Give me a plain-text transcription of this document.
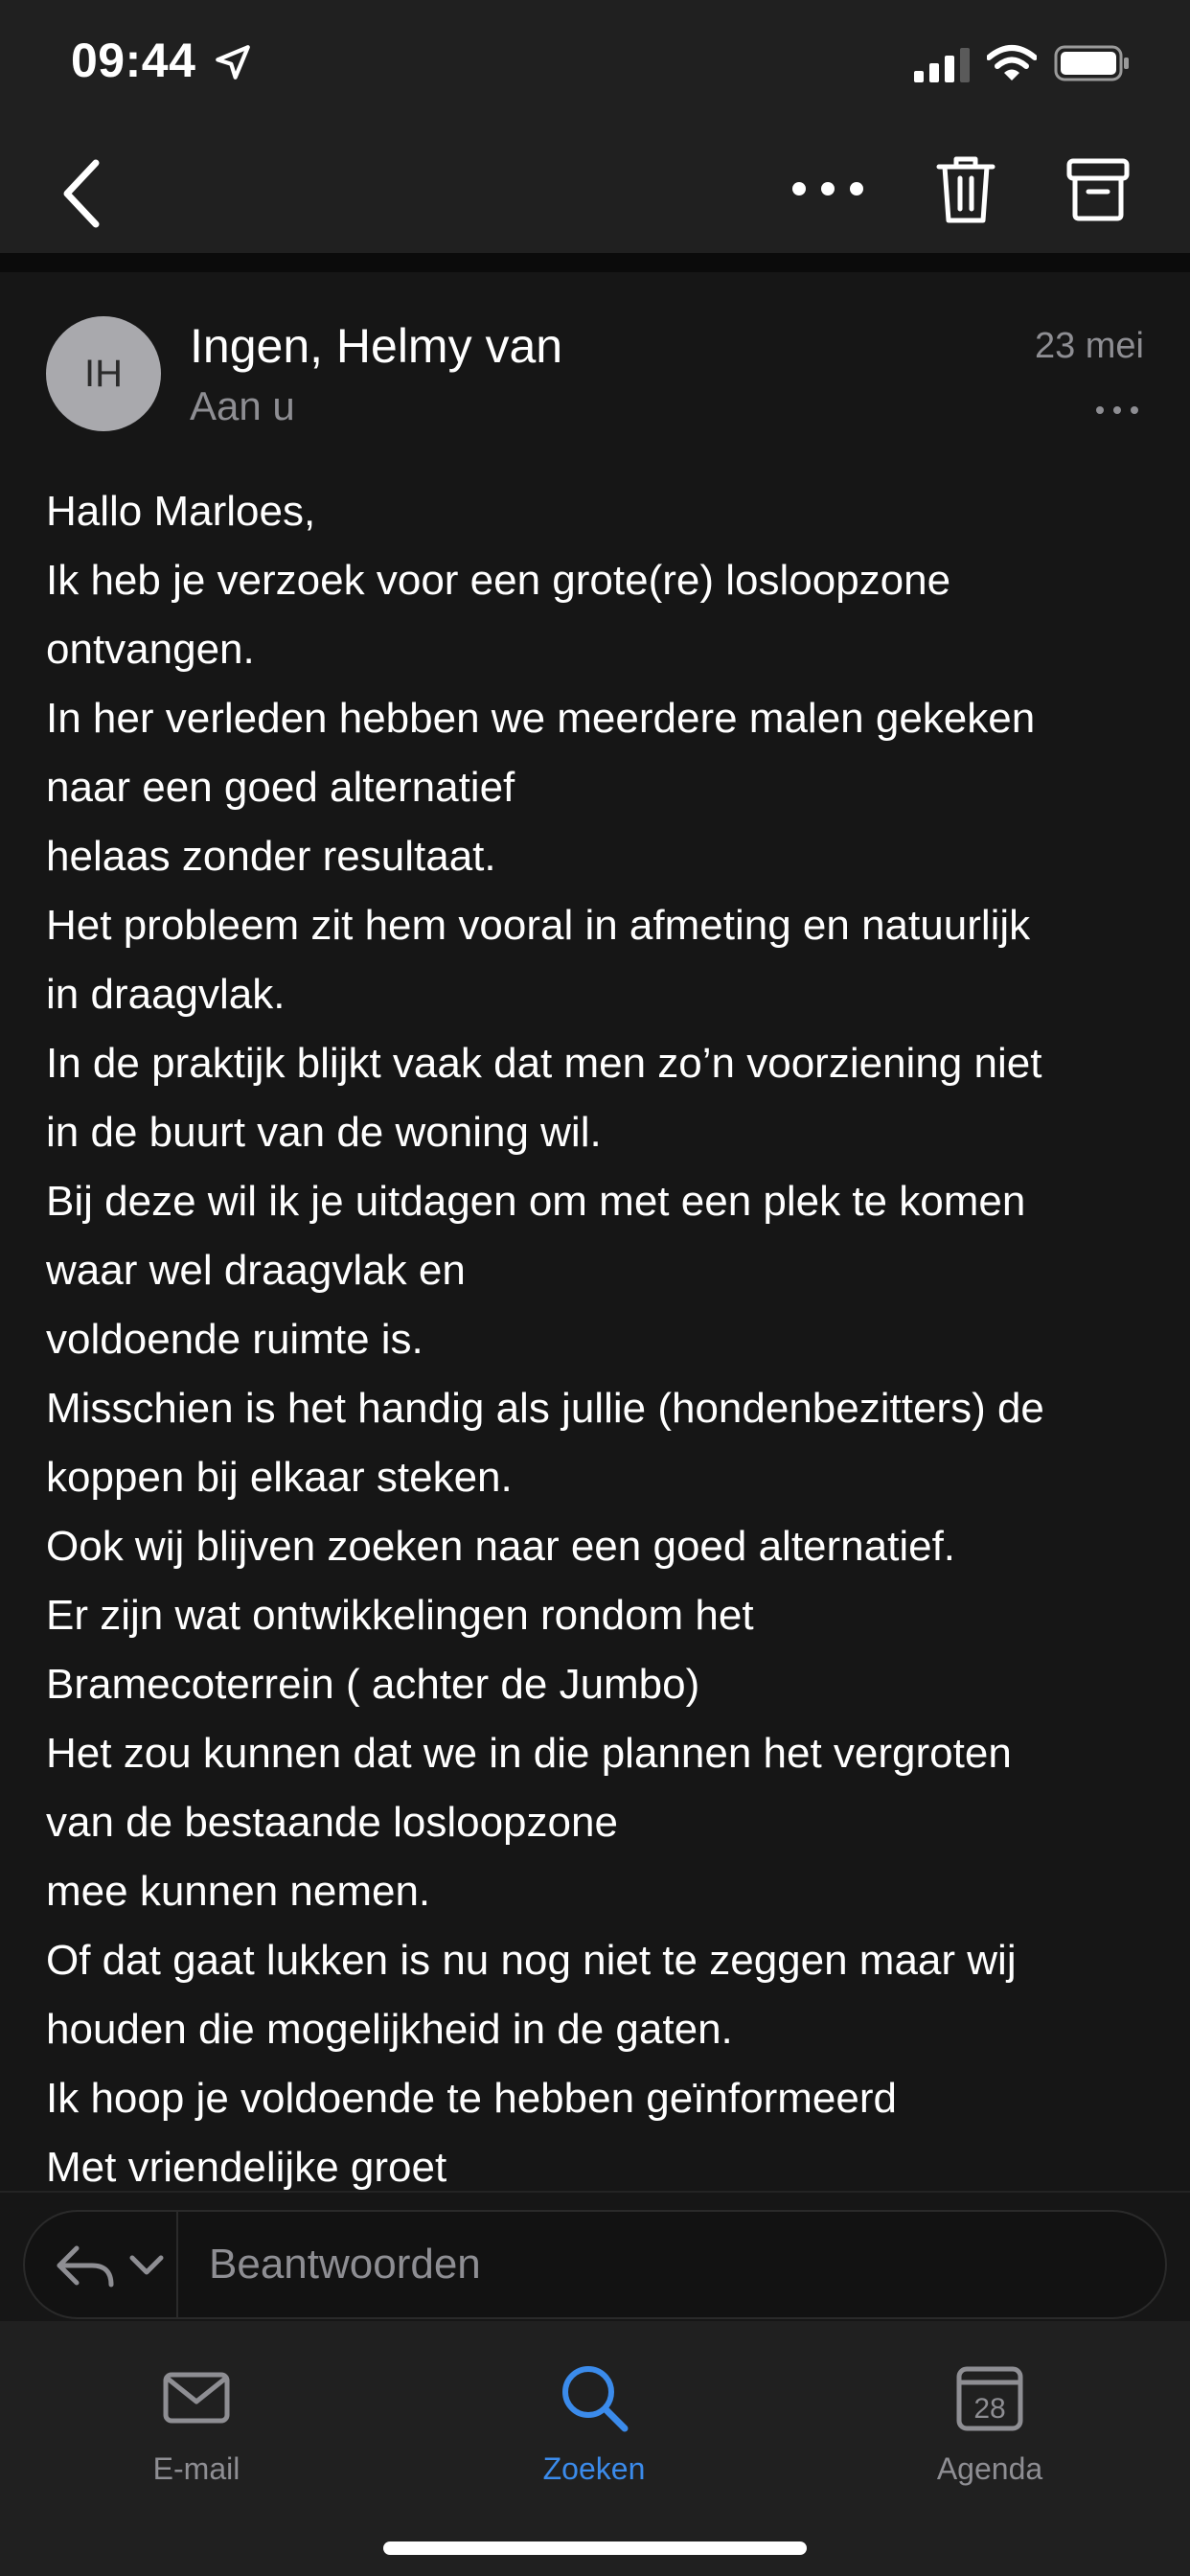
09:44
IH
Ingen, Helmy van
Aan u
23 mei
Hallo Marloes,
Ik heb je verzoek voor een grote(re) losloopzone
ontvangen.
In her verleden hebben we meerdere malen gekeken
naar een goed alternatief
helaas zonder resultaat.
Het probleem zit hem vooral in afmeting en natuurlijk
in draagvlak.
In de praktijk blijkt vaak dat men zo’n voorziening niet
in de buurt van de woning wil.
Bij deze wil ik je uitdagen om met een plek te komen
waar wel draagvlak en
voldoende ruimte is.
Misschien is het handig als jullie (hondenbezitters) de
koppen bij elkaar steken.
Ook wij blijven zoeken naar een goed alternatief.
Er zijn wat ontwikkelingen rondom het
Bramecoterrein ( achter de Jumbo)
Het zou kunnen dat we in die plannen het vergroten
van de bestaande losloopzone
mee kunnen nemen.
Of dat gaat lukken is nu nog niet te zeggen maar wij
houden die mogelijkheid in de gaten.
Ik hoop je voldoende te hebben geïnformeerd
Met vriendelijke groet
Beantwoorden
E-mail	Zoeken
28
Agenda
